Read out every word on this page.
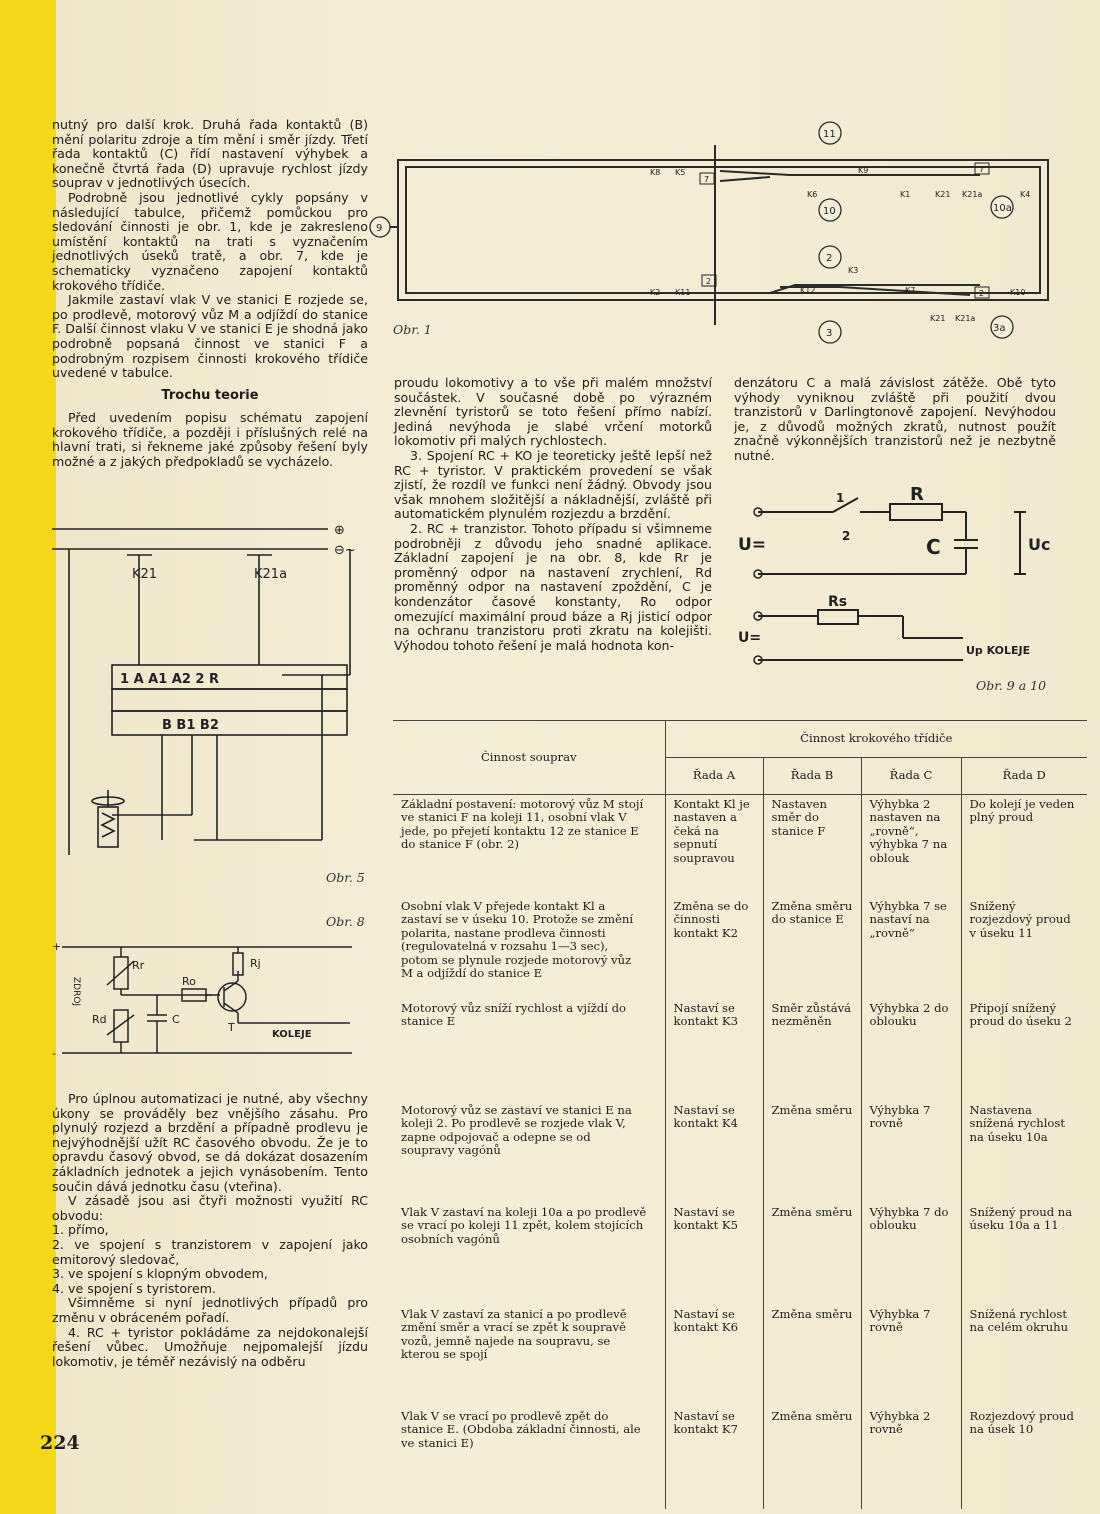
nutný pro další krok. Druhá řada kontaktů (B) mění polaritu zdroje a tím mění i směr jízdy. Třetí řada kontaktů (C) řídí nastavení výhybek a konečně čtvrtá řada (D) upravuje rychlost jízdy souprav v jednotlivých úsecích.

Podrobně jsou jednotlivé cykly popsány v následující tabulce, přičemž pomůckou pro sledování činnosti je obr. 1, kde je zakresleno umístění kontaktů na trati s vyznačením jednotlivých úseků tratě, a obr. 7, kde je schematicky vyznačeno zapojení kontaktů krokového třídiče.

Jakmile zastaví vlak V ve stanici E rozjede se, po prodlevě, motorový vůz M a odjíždí do stanice F. Další činnost vlaku V ve stanici E je shodná jako podrobně popsaná činnost ve stanici F a podrobným rozpisem činnosti krokového třídiče uvedené v tabulce.

Trochu teorie

Před uvedením popisu schématu zapojení krokového třídiče, a později i příslušných relé na hlavní trati, si řekneme jaké způsoby řešení byly možné a z jakých předpokladů se vycházelo.

Pro úplnou automatizaci je nutné, aby všechny úkony se prováděly bez vnějšího zásahu. Pro plynulý rozjezd a brzdění a případně prodlevu je nejvýhodnější užít RC časového obvodu. Že je to opravdu časový obvod, se dá dokázat dosazením základních jednotek a jejich vynásobením. Tento součin dává jednotku času (vteřina).

V zásadě jsou asi čtyři možnosti využití RC obvodu:

1. přímo,

2. ve spojení s tranzistorem v zapojení jako emitorový sledovač,

3. ve spojení s klopným obvodem,

4. ve spojení s tyristorem.

Všimněme si nyní jednotlivých případů pro změnu v obráceném pořadí.

4. RC + tyristor pokládáme za nejdokonalejší řešení vůbec. Umožňuje nejpomalejší jízdu lokomotiv, je téměř nezávislý na odběru

proudu lokomotivy a to vše při malém množství součástek. V současné době po výrazném zlevnění tyristorů se toto řešení přímo nabízí. Jediná nevýhoda je slabé vrčení motorků lokomotiv při malých rychlostech.

3. Spojení RC + KO je teoreticky ještě lepší než RC + tyristor. V praktickém provedení se však zjistí, že rozdíl ve funkci není žádný. Obvody jsou však mnohem složitější a nákladnější, zvláště při automatickém plynulém rozjezdu a brzdění.

2. RC + tranzistor. Tohoto případu si všimneme podrobněji z důvodu jeho snadné aplikace. Základní zapojení je na obr. 8, kde Rr je proměnný odpor na nastavení zrychlení, Rd proměnný odpor na nastavení zpoždění, C je kondenzátor časové konstanty, Ro odpor omezující maximální proud báze a Rj jisticí odpor na ochranu tranzistoru proti zkratu na kolejišti. Výhodou tohoto řešení je malá hodnota kon-

denzátoru C a malá závislost zátěže. Obě tyto výhody vyniknou zvláště při použití dvou tranzistorů v Darlingtonově zapojení. Nevýhodou je, z důvodů možných zkratů, nutnost použít značně výkonnějších tranzistorů než je nezbytně nutné.

K8 K5
7
K9
K6	K1	K21 K21a	K4
7
K2 K11
2
K12	K7	2	K10
K21 K21a
K3
11
10	10a
9
2
3	3a
Obr. 1
⊕
⊖~
K21	K21a
1 A A1 A2 2 R
B B1 B2
Obr. 5
Obr. 8
+
-
Rr	Rj
Ro
Rd	C
T
KOLEJE
ZDROJ
R
U=	C	Uc
1
2
Rs
U=
Up KOLEJE
Obr. 9 a 10
Činnost souprav	Činnost krokového třídiče			
	Řada A	Řada B	Řada C	Řada D
Základní postavení: motorový vůz M stojí ve stanici F na koleji 11, osobní vlak V jede, po přejetí kontaktu 12 ze stanice E do stanice F (obr. 2)	Kontakt Kl je nastaven a čeká na sepnutí soupravou	Nastaven směr do stanice F	Výhybka 2 nastaven na „rovně“, výhybka 7 na oblouk	Do kolejí je veden plný proud
Osobní vlak V přejede kontakt Kl a zastaví se v úseku 10. Protože se změní polarita, nastane prodleva činnosti (regulovatelná v rozsahu 1—3 sec), potom se plynule rozjede motorový vůz M a odjíždí do stanice E	Změna se do činnosti kontakt K2	Změna směru do stanice E	Výhybka 7 se nastaví na „rovně“	Snížený rozjezdový proud v úseku 11
Motorový vůz sníží rychlost a vjíždí do stanice E	Nastaví se kontakt K3	Směr zůstává nezměněn	Výhybka 2 do oblouku	Připojí snížený proud do úseku 2
Motorový vůz se zastaví ve stanici E na koleji 2. Po prodlevě se rozjede vlak V, zapne odpojovač a odepne se od soupravy vagónů	Nastaví se kontakt K4	Změna směru	Výhybka 7 rovně	Nastavena snížená rychlost na úseku 10a
Vlak V zastaví na koleji 10a a po prodlevě se vrací po koleji 11 zpět, kolem stojících osobních vagónů	Nastaví se kontakt K5	Změna směru	Výhybka 7 do oblouku	Snížený proud na úseku 10a a 11
Vlak V zastaví za stanicí a po prodlevě změní směr a vrací se zpět k soupravě vozů, jemně najede na soupravu, se kterou se spojí	Nastaví se kontakt K6	Změna směru	Výhybka 7 rovně	Snížená rychlost na celém okruhu
Vlak V se vrací po prodlevě zpět do stanice E. (Obdoba základní činnosti, ale ve stanici E)	Nastaví se kontakt K7	Změna směru	Výhybka 2 rovně	Rozjezdový proud na úsek 10
224
